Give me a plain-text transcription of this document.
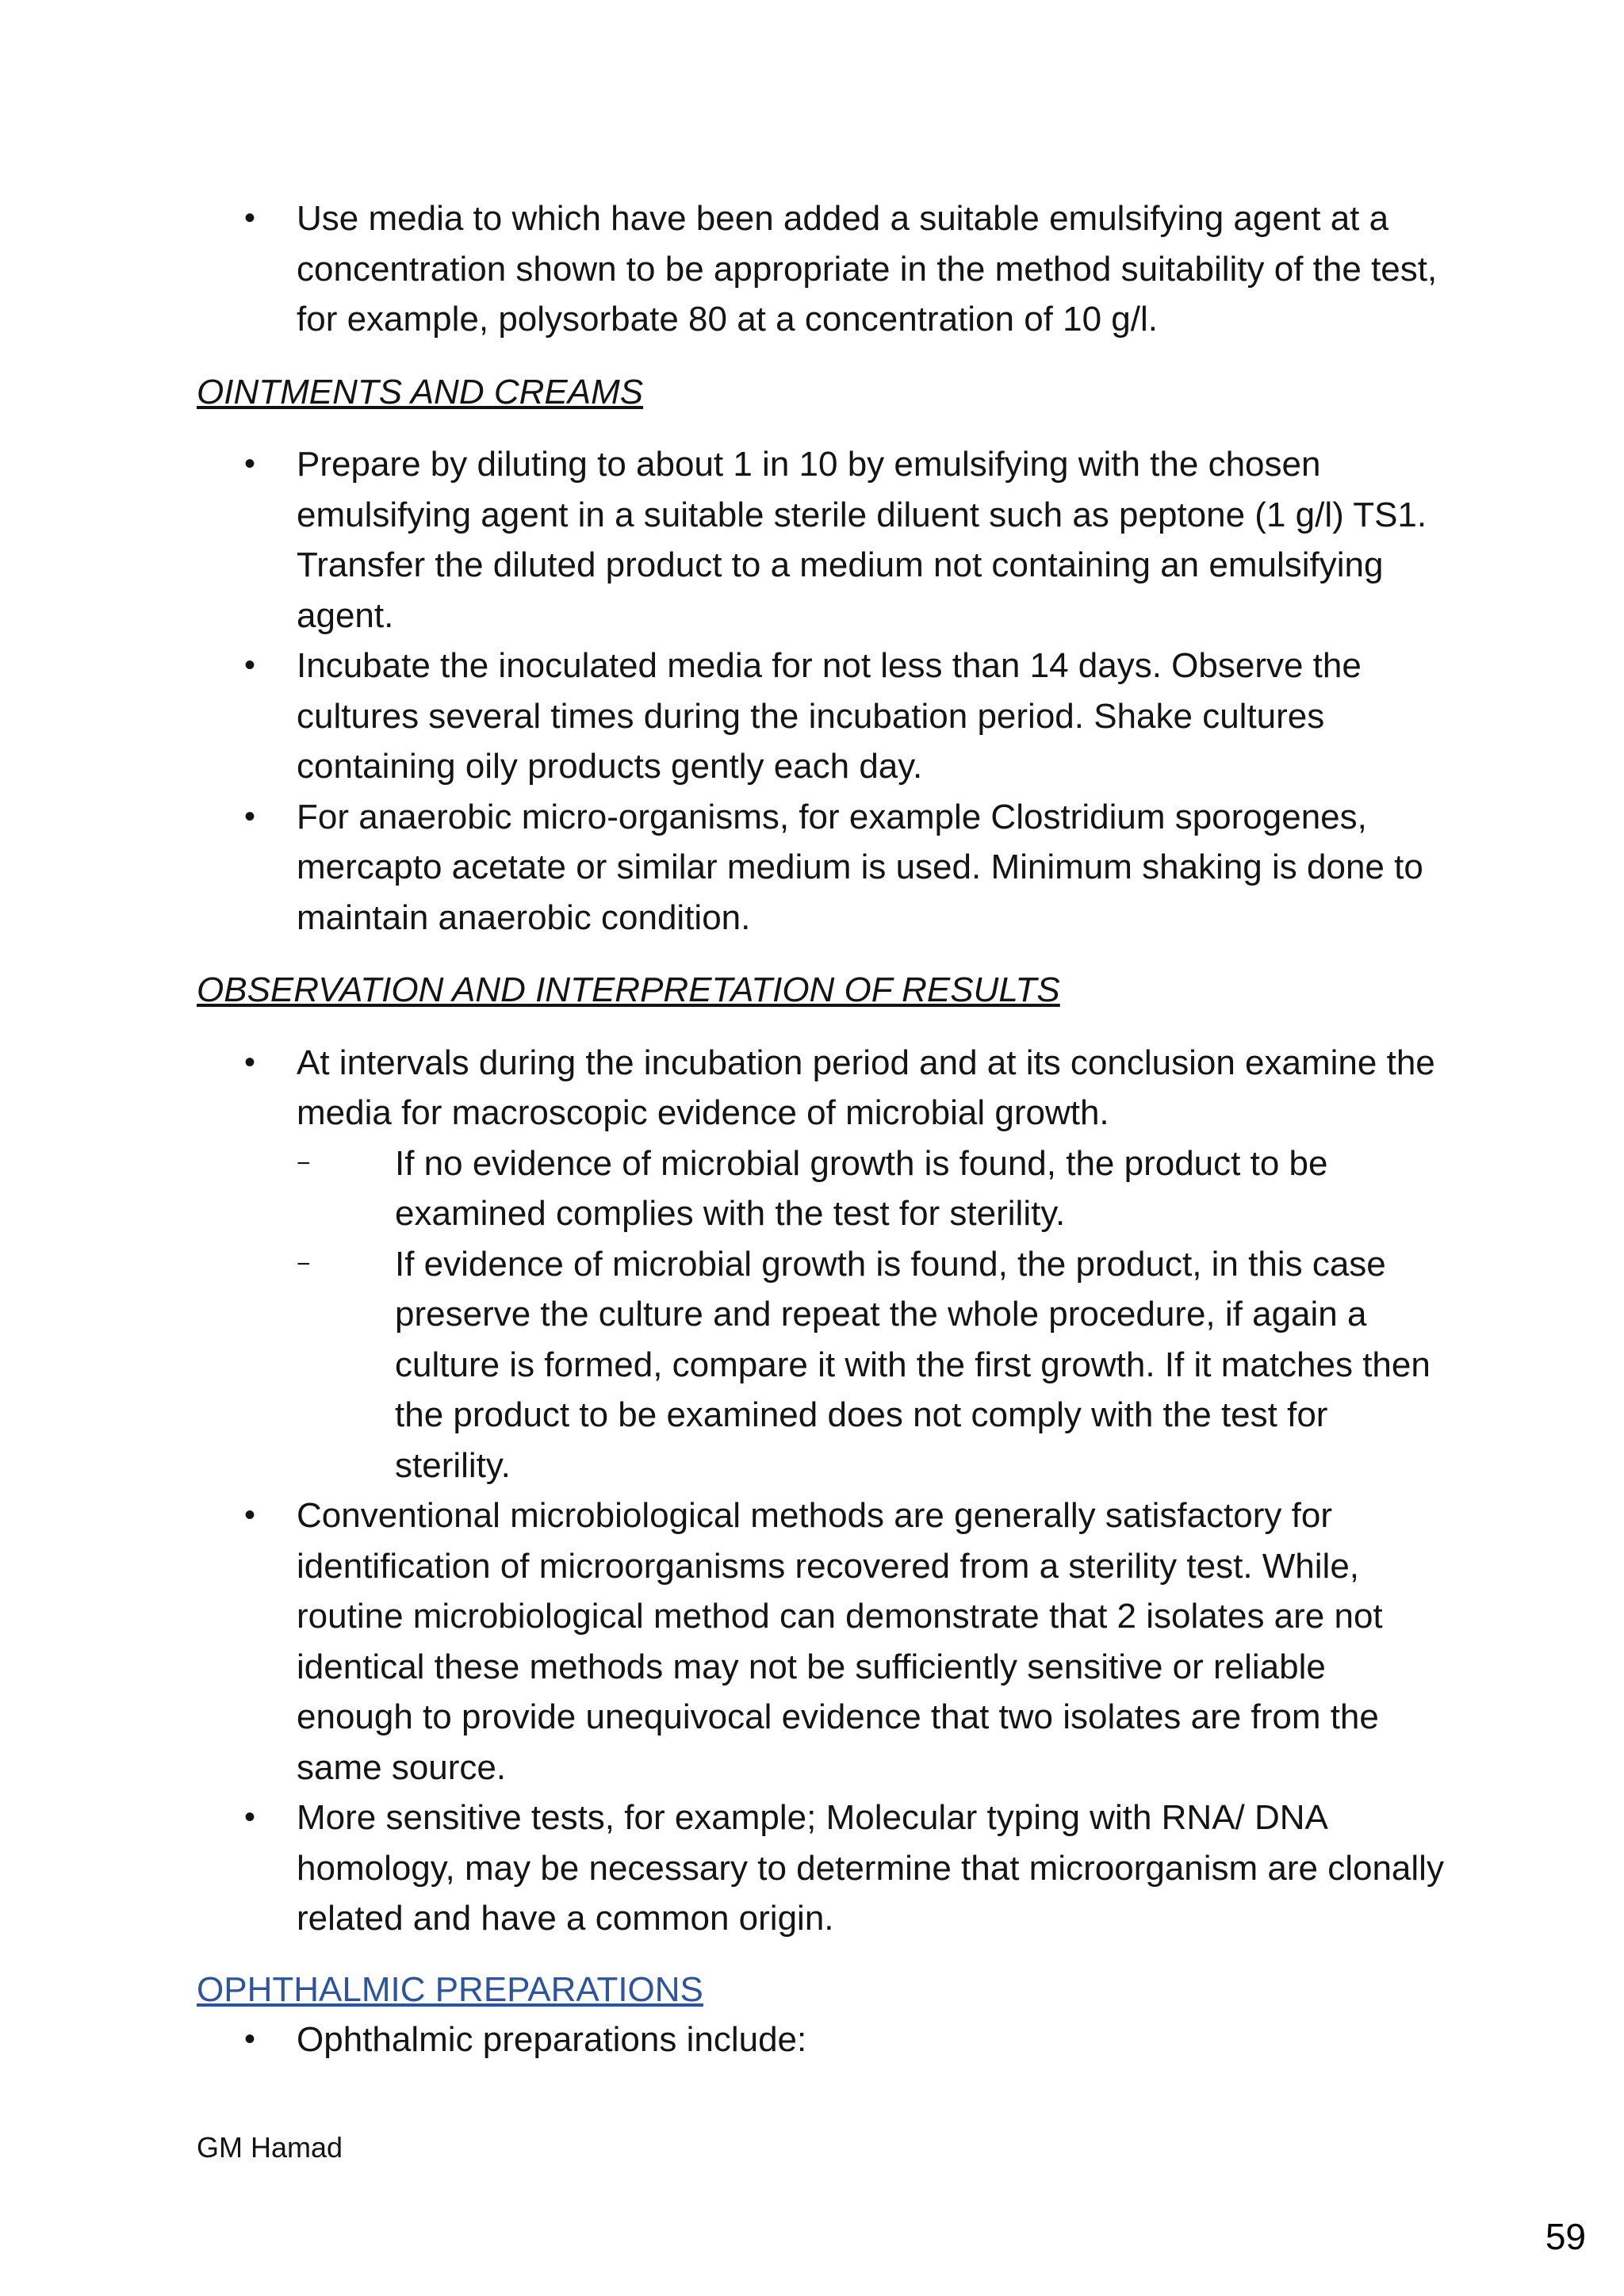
• Use media to which have been added a suitable emulsifying agent at a concentration shown to be appropriate in the method suitability of the test, for example, polysorbate 80 at a concentration of 10 g/l.
OINTMENTS AND CREAMS
• Prepare by diluting to about 1 in 10 by emulsifying with the chosen emulsifying agent in a suitable sterile diluent such as peptone (1 g/l) TS1. Transfer the diluted product to a medium not containing an emulsifying agent.
• Incubate the inoculated media for not less than 14 days. Observe the cultures several times during the incubation period. Shake cultures containing oily products gently each day.
• For anaerobic micro-organisms, for example Clostridium sporogenes, mercapto acetate or similar medium is used. Minimum shaking is done to maintain anaerobic condition.
OBSERVATION AND INTERPRETATION OF RESULTS
• At intervals during the incubation period and at its conclusion examine the media for macroscopic evidence of microbial growth.
− If no evidence of microbial growth is found, the product to be examined complies with the test for sterility.
− If evidence of microbial growth is found, the product, in this case preserve the culture and repeat the whole procedure, if again a culture is formed, compare it with the first growth. If it matches then the product to be examined does not comply with the test for sterility.
• Conventional microbiological methods are generally satisfactory for identification of microorganisms recovered from a sterility test. While, routine microbiological method can demonstrate that 2 isolates are not identical these methods may not be sufficiently sensitive or reliable enough to provide unequivocal evidence that two isolates are from the same source.
• More sensitive tests, for example; Molecular typing with RNA/ DNA homology, may be necessary to determine that microorganism are clonally related and have a common origin.
OPHTHALMIC PREPARATIONS
• Ophthalmic preparations include:
GM Hamad
59
